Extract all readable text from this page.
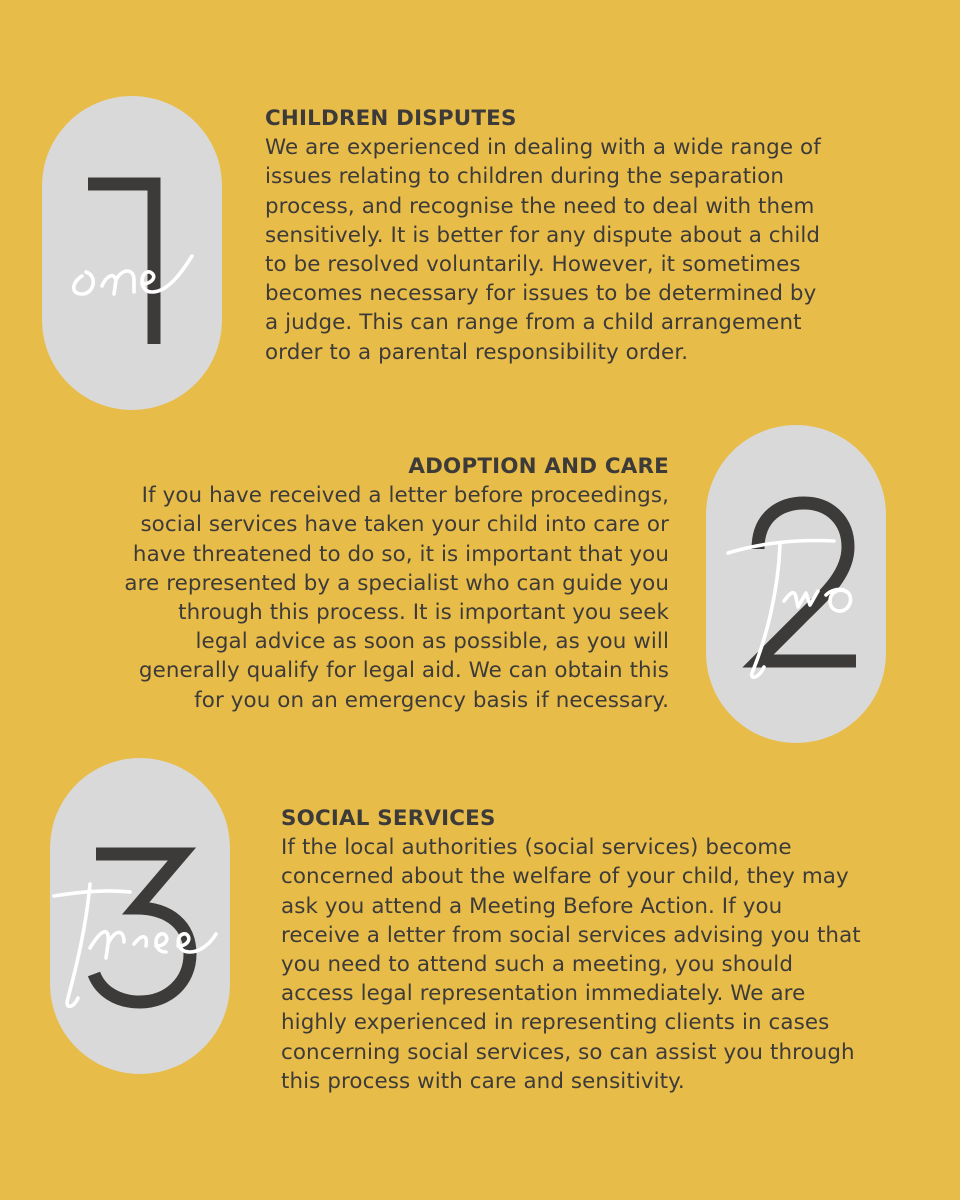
CHILDREN DISPUTES
We are experienced in dealing with a wide range of
issues relating to children during the separation
process, and recognise the need to deal with them
sensitively. It is better for any dispute about a child
to be resolved voluntarily. However, it sometimes
becomes necessary for issues to be determined by
a judge. This can range from a child arrangement
order to a parental responsibility order.
ADOPTION AND CARE
If you have received a letter before proceedings,
social services have taken your child into care or
have threatened to do so, it is important that you
are represented by a specialist who can guide you
through this process. It is important you seek
legal advice as soon as possible, as you will
generally qualify for legal aid. We can obtain this
for you on an emergency basis if necessary.
SOCIAL SERVICES
If the local authorities (social services) become
concerned about the welfare of your child, they may
ask you attend a Meeting Before Action. If you
receive a letter from social services advising you that
you need to attend such a meeting, you should
access legal representation immediately. We are
highly experienced in representing clients in cases
concerning social services, so can assist you through
this process with care and sensitivity.
